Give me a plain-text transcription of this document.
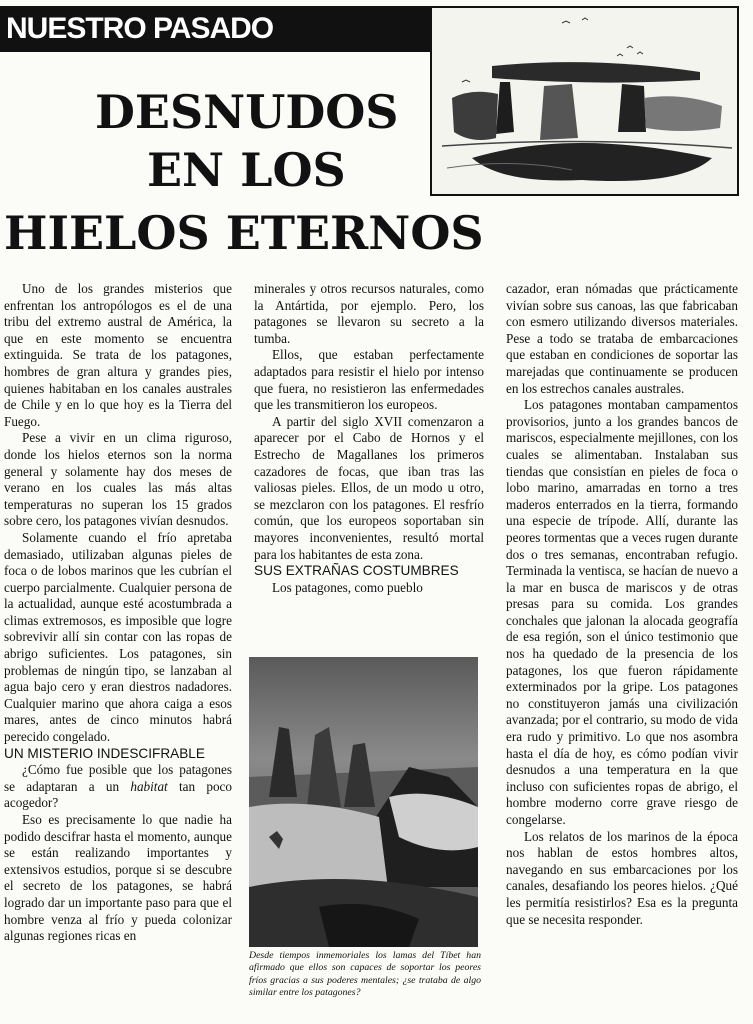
NUESTRO PASADO
DESNUDOS
EN LOS
HIELOS ETERNOS

Uno de los grandes misterios que enfrentan los antropólogos es el de una tribu del extremo austral de América, la que en este momento se encuentra extinguida. Se trata de los patagones, hombres de gran altura y grandes pies, quienes habitaban en los canales australes de Chile y en lo que hoy es la Tierra del Fuego.

Pese a vivir en un clima riguroso, donde los hielos eternos son la norma general y solamente hay dos meses de verano en los cuales las más altas temperaturas no superan los 15 grados sobre cero, los patagones vivían desnudos.

Solamente cuando el frío apretaba demasiado, utilizaban algunas pieles de foca o de lobos marinos que les cubrían el cuerpo parcialmente. Cualquier persona de la actualidad, aunque esté acostumbrada a climas extremosos, es imposible que logre sobrevivir allí sin contar con las ropas de abrigo suficientes. Los patagones, sin problemas de ningún tipo, se lanzaban al agua bajo cero y eran diestros nadadores. Cualquier marino que ahora caiga a esos mares, antes de cinco minutos habrá perecido congelado.

UN MISTERIO INDESCIFRABLE

¿Cómo fue posible que los patagones se adaptaran a un habitat tan poco acogedor?

Eso es precisamente lo que nadie ha podido descifrar hasta el momento, aunque se están realizando importantes y extensivos estudios, porque si se descubre el secreto de los patagones, se habrá logrado dar un importante paso para que el hombre venza al frío y pueda colonizar algunas regiones ricas en

minerales y otros recursos naturales, como la Antártida, por ejemplo. Pero, los patagones se llevaron su secreto a la tumba.

Ellos, que estaban perfectamente adaptados para resistir el hielo por intenso que fuera, no resistieron las enfermedades que les transmitieron los europeos.

A partir del siglo XVII comenzaron a aparecer por el Cabo de Hornos y el Estrecho de Magallanes los primeros cazadores de focas, que iban tras las valiosas pieles. Ellos, de un modo u otro, se mezclaron con los patagones. El resfrío común, que los europeos soportaban sin mayores inconvenientes, resultó mortal para los habitantes de esta zona.

SUS EXTRAÑAS COSTUMBRES

Los patagones, como pueblo

Desde tiempos inmemoriales los lamas del Tíbet han afirmado que ellos son capaces de soportar los peores fríos gracias a sus poderes mentales; ¿se trataba de algo similar entre los patagones?

cazador, eran nómadas que prácticamente vivían sobre sus canoas, las que fabricaban con esmero utilizando diversos materiales. Pese a todo se trataba de embarcaciones que estaban en condiciones de soportar las marejadas que continuamente se producen en los estrechos canales australes.

Los patagones montaban campamentos provisorios, junto a los grandes bancos de mariscos, especialmente mejillones, con los cuales se alimentaban. Instalaban sus tiendas que consistían en pieles de foca o lobo marino, amarradas en torno a tres maderos enterrados en la tierra, formando una especie de trípode. Allí, durante las peores tormentas que a veces rugen durante dos o tres semanas, encontraban refugio. Terminada la ventisca, se hacían de nuevo a la mar en busca de mariscos y de otras presas para su comida. Los grandes conchales que jalonan la alocada geografía de esa región, son el único testimonio que nos ha quedado de la presencia de los patagones, los que fueron rápidamente exterminados por la gripe. Los patagones no constituyeron jamás una civilización avanzada; por el contrario, su modo de vida era rudo y primitivo. Lo que nos asombra hasta el día de hoy, es cómo podían vivir desnudos a una temperatura en la que incluso con suficientes ropas de abrigo, el hombre moderno corre grave riesgo de congelarse.

Los relatos de los marinos de la época nos hablan de estos hombres altos, navegando en sus embarcaciones por los canales, desafiando los peores hielos. ¿Qué les permitía resistirlos? Esa es la pregunta que se necesita responder.
